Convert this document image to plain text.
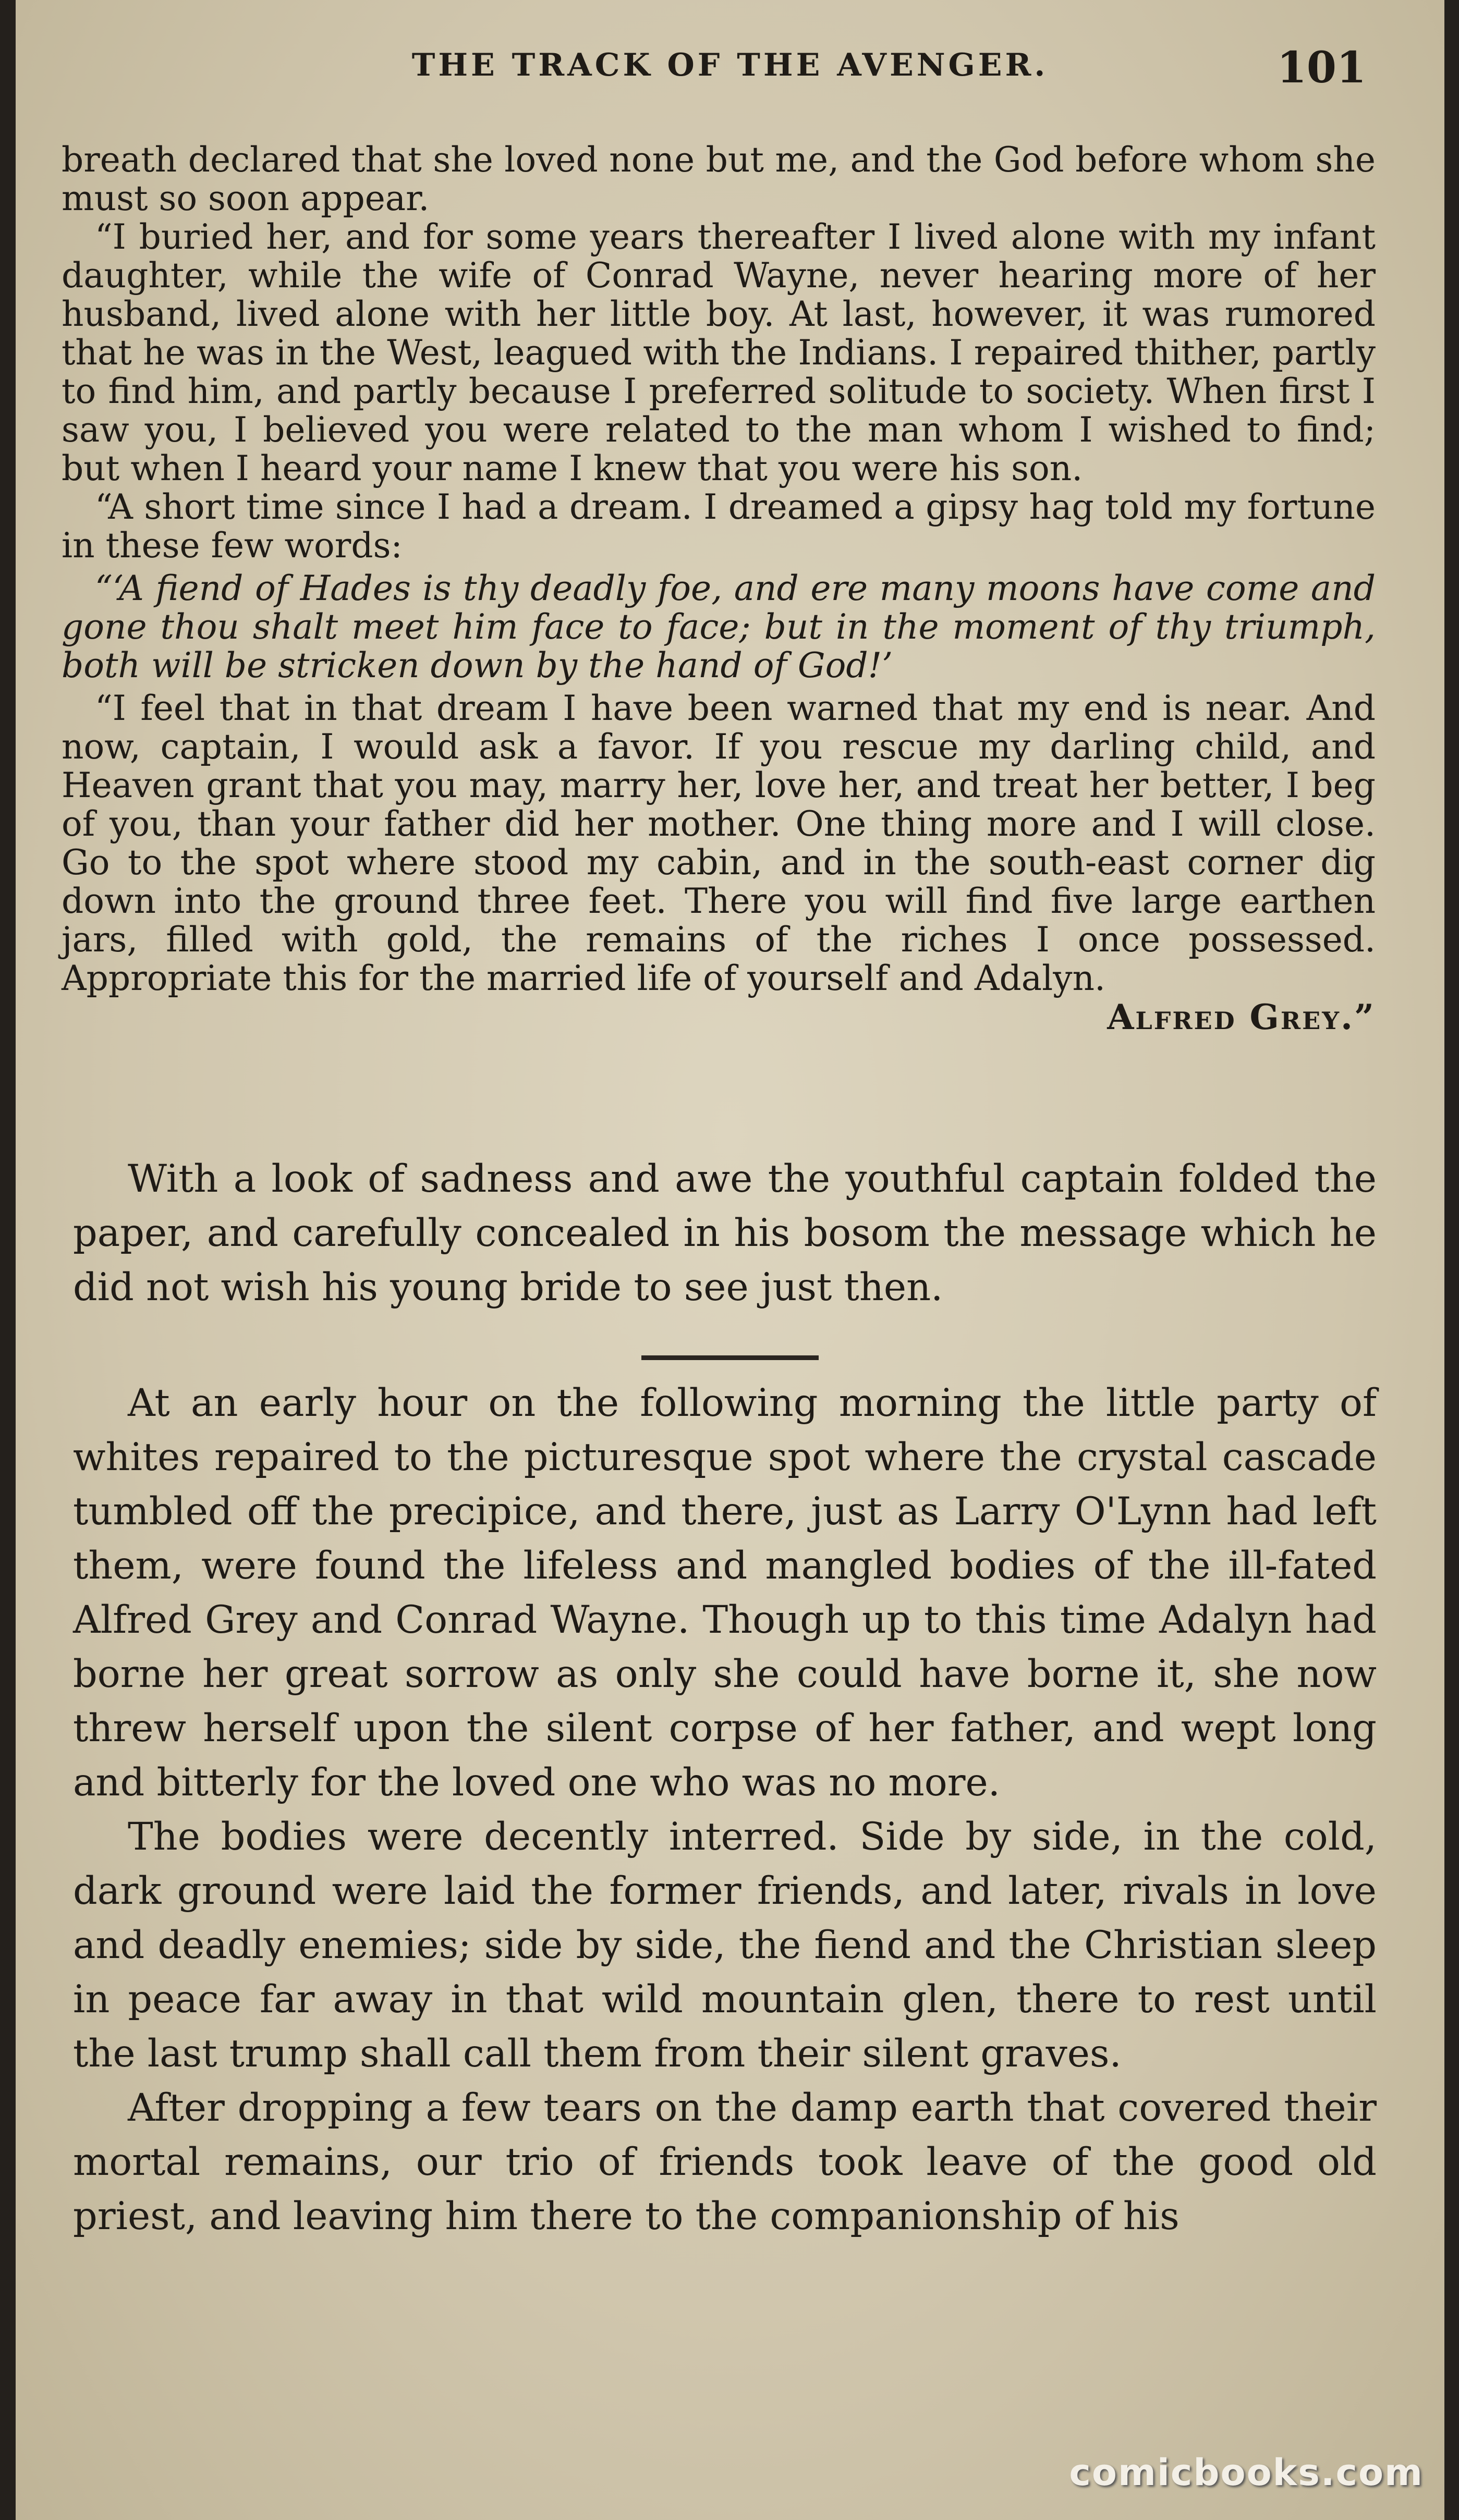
THE TRACK OF THE AVENGER.	101

breath declared that she loved none but me, and the God before whom she must so soon appear.

“I buried her, and for some years thereafter I lived alone with my infant daughter, while the wife of Conrad Wayne, never hearing more of her husband, lived alone with her little boy. At last, however, it was rumored that he was in the West, leagued with the Indians. I repaired thither, partly to find him, and partly because I preferred solitude to society. When first I saw you, I believed you were related to the man whom I wished to find; but when I heard your name I knew that you were his son.

“A short time since I had a dream. I dreamed a gipsy hag told my fortune in these few words:

“‘A fiend of Hades is thy deadly foe, and ere many moons have come and gone thou shalt meet him face to face; but in the moment of thy triumph, both will be stricken down by the hand of God!’

“I feel that in that dream I have been warned that my end is near. And now, captain, I would ask a favor. If you rescue my darling child, and Heaven grant that you may, marry her, love her, and treat her better, I beg of you, than your father did her mother. One thing more and I will close. Go to the spot where stood my cabin, and in the south-east corner dig down into the ground three feet. There you will find five large earthen jars, filled with gold, the remains of the riches I once possessed. Appropriate this for the married life of yourself and Adalyn.

Alfred Grey.”

With a look of sadness and awe the youthful captain folded the paper, and carefully concealed in his bosom the message which he did not wish his young bride to see just then.

At an early hour on the following morning the little party of whites repaired to the picturesque spot where the crystal cascade tumbled off the precipice, and there, just as Larry O'Lynn had left them, were found the lifeless and mangled bodies of the ill-fated Alfred Grey and Conrad Wayne. Though up to this time Adalyn had borne her great sorrow as only she could have borne it, she now threw herself upon the silent corpse of her father, and wept long and bitterly for the loved one who was no more.

The bodies were decently interred. Side by side, in the cold, dark ground were laid the former friends, and later, rivals in love and deadly enemies; side by side, the fiend and the Christian sleep in peace far away in that wild mountain glen, there to rest until the last trump shall call them from their silent graves.

After dropping a few tears on the damp earth that covered their mortal remains, our trio of friends took leave of the good old priest, and leaving him there to the companionship of his

comicbooks.com
